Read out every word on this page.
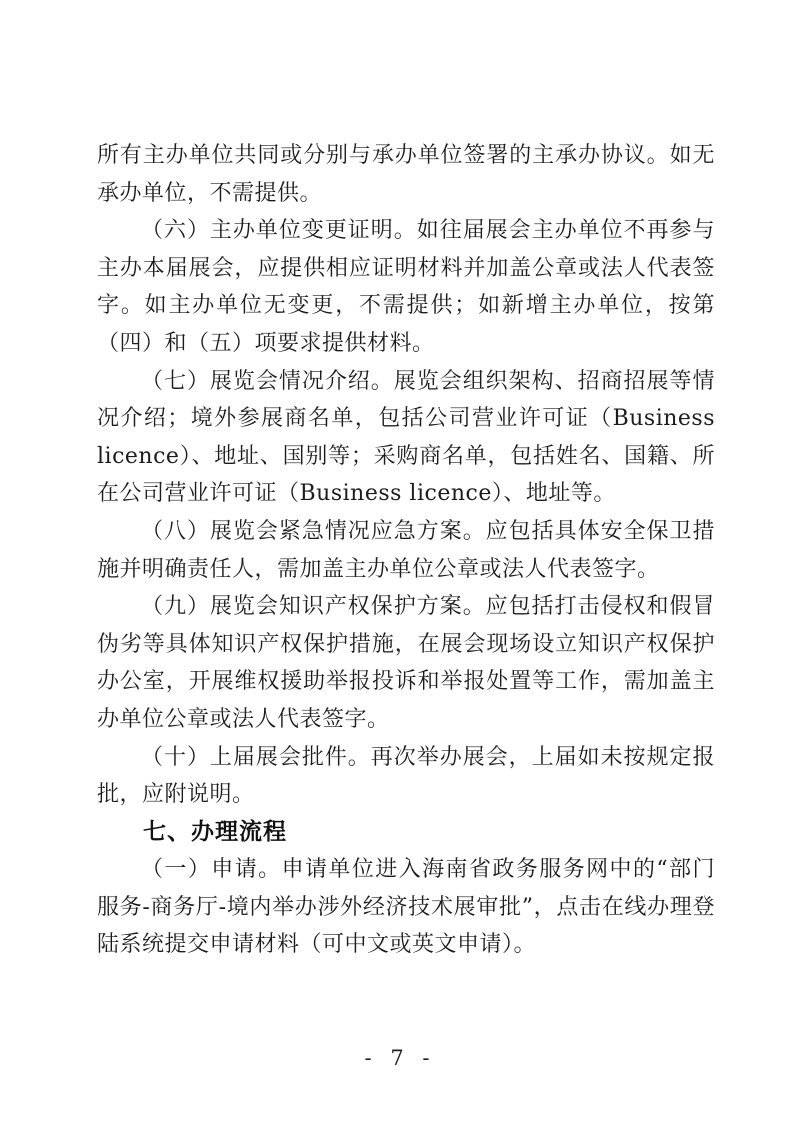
所有主办单位共同或分别与承办单位签署的主承办协议。如无承办单位，不需提供。

（六）主办单位变更证明。如往届展会主办单位不再参与主办本届展会，应提供相应证明材料并加盖公章或法人代表签字。如主办单位无变更，不需提供；如新增主办单位，按第（四）和（五）项要求提供材料。

（七）展览会情况介绍。展览会组织架构、招商招展等情况介绍；境外参展商名单，包括公司营业许可证（Business licence）、地址、国别等；采购商名单，包括姓名、国籍、所在公司营业许可证（Business licence）、地址等。

（八）展览会紧急情况应急方案。应包括具体安全保卫措施并明确责任人，需加盖主办单位公章或法人代表签字。

（九）展览会知识产权保护方案。应包括打击侵权和假冒伪劣等具体知识产权保护措施，在展会现场设立知识产权保护办公室，开展维权援助举报投诉和举报处置等工作，需加盖主办单位公章或法人代表签字。

（十）上届展会批件。再次举办展会，上届如未按规定报批，应附说明。

七、办理流程

（一）申请。申请单位进入海南省政务服务网中的“部门服务-商务厅-境内举办涉外经济技术展审批”，点击在线办理登陆系统提交申请材料（可中文或英文申请）。

- 7 -
